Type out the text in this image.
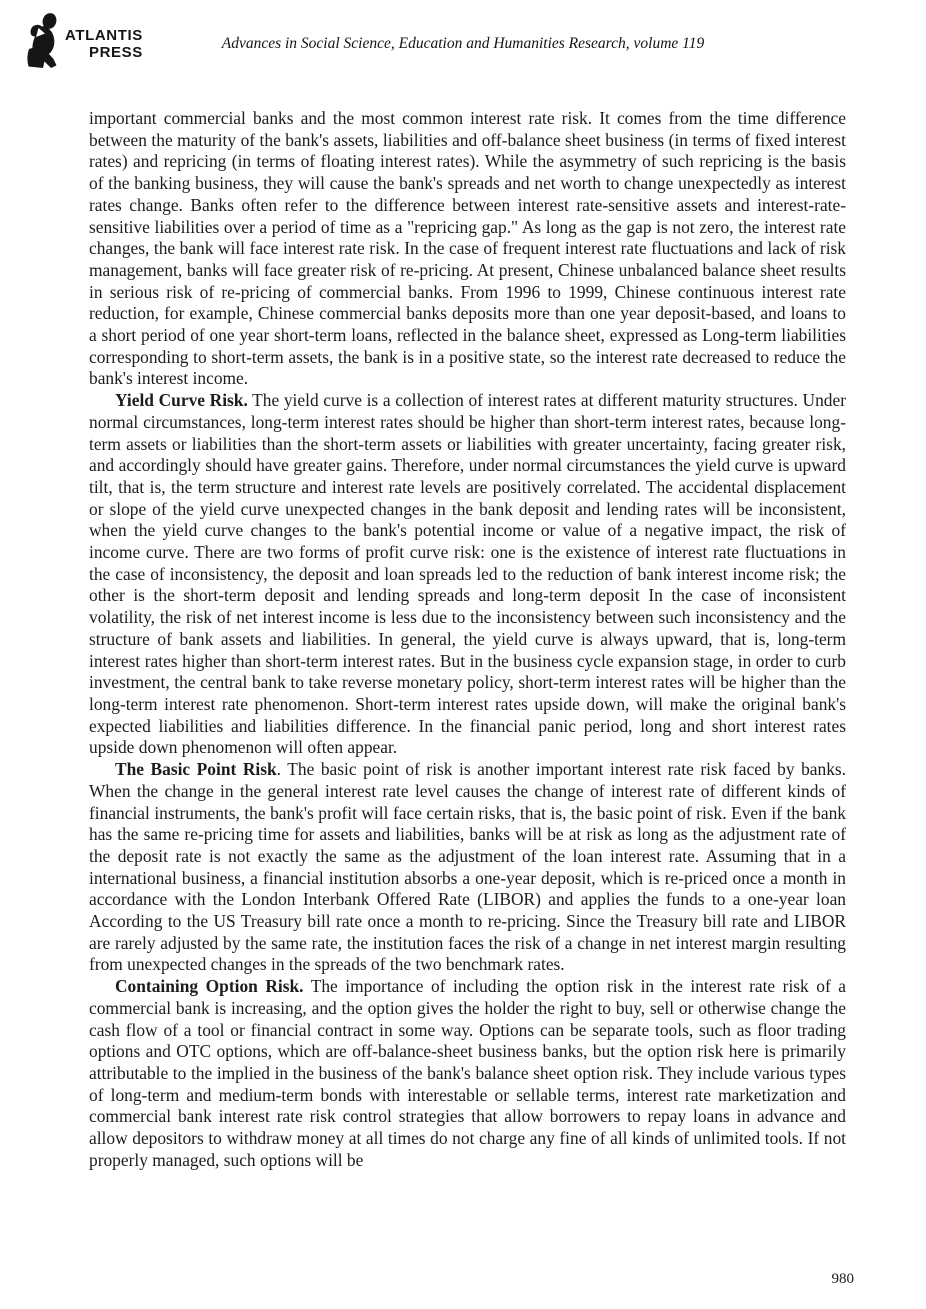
ATLANTIS
PRESS
Advances in Social Science, Education and Humanities Research, volume 119

important commercial banks and the most common interest rate risk. It comes from the time difference between the maturity of the bank's assets, liabilities and off-balance sheet business (in terms of fixed interest rates) and repricing (in terms of floating interest rates). While the asymmetry of such repricing is the basis of the banking business, they will cause the bank's spreads and net worth to change unexpectedly as interest rates change. Banks often refer to the difference between interest rate-sensitive assets and interest-rate-sensitive liabilities over a period of time as a "repricing gap." As long as the gap is not zero, the interest rate changes, the bank will face interest rate risk. In the case of frequent interest rate fluctuations and lack of risk management, banks will face greater risk of re-pricing. At present, Chinese unbalanced balance sheet results in serious risk of re-pricing of commercial banks. From 1996 to 1999, Chinese continuous interest rate reduction, for example, Chinese commercial banks deposits more than one year deposit-based, and loans to a short period of one year short-term loans, reflected in the balance sheet, expressed as Long-term liabilities corresponding to short-term assets, the bank is in a positive state, so the interest rate decreased to reduce the bank's interest income.

Yield Curve Risk. The yield curve is a collection of interest rates at different maturity structures. Under normal circumstances, long-term interest rates should be higher than short-term interest rates, because long-term assets or liabilities than the short-term assets or liabilities with greater uncertainty, facing greater risk, and accordingly should have greater gains. Therefore, under normal circumstances the yield curve is upward tilt, that is, the term structure and interest rate levels are positively correlated. The accidental displacement or slope of the yield curve unexpected changes in the bank deposit and lending rates will be inconsistent, when the yield curve changes to the bank's potential income or value of a negative impact, the risk of income curve. There are two forms of profit curve risk: one is the existence of interest rate fluctuations in the case of inconsistency, the deposit and loan spreads led to the reduction of bank interest income risk; the other is the short-term deposit and lending spreads and long-term deposit In the case of inconsistent volatility, the risk of net interest income is less due to the inconsistency between such inconsistency and the structure of bank assets and liabilities. In general, the yield curve is always upward, that is, long-term interest rates higher than short-term interest rates. But in the business cycle expansion stage, in order to curb investment, the central bank to take reverse monetary policy, short-term interest rates will be higher than the long-term interest rate phenomenon. Short-term interest rates upside down, will make the original bank's expected liabilities and liabilities difference. In the financial panic period, long and short interest rates upside down phenomenon will often appear.

The Basic Point Risk. The basic point of risk is another important interest rate risk faced by banks. When the change in the general interest rate level causes the change of interest rate of different kinds of financial instruments, the bank's profit will face certain risks, that is, the basic point of risk. Even if the bank has the same re-pricing time for assets and liabilities, banks will be at risk as long as the adjustment rate of the deposit rate is not exactly the same as the adjustment of the loan interest rate. Assuming that in a international business, a financial institution absorbs a one-year deposit, which is re-priced once a month in accordance with the London Interbank Offered Rate (LIBOR) and applies the funds to a one-year loan According to the US Treasury bill rate once a month to re-pricing. Since the Treasury bill rate and LIBOR are rarely adjusted by the same rate, the institution faces the risk of a change in net interest margin resulting from unexpected changes in the spreads of the two benchmark rates.

Containing Option Risk. The importance of including the option risk in the interest rate risk of a commercial bank is increasing, and the option gives the holder the right to buy, sell or otherwise change the cash flow of a tool or financial contract in some way. Options can be separate tools, such as floor trading options and OTC options, which are off-balance-sheet business banks, but the option risk here is primarily attributable to the implied in the business of the bank's balance sheet option risk. They include various types of long-term and medium-term bonds with interestable or sellable terms, interest rate marketization and commercial bank interest rate risk control strategies that allow borrowers to repay loans in advance and allow depositors to withdraw money at all times do not charge any fine of all kinds of unlimited tools. If not properly managed, such options will be

980
